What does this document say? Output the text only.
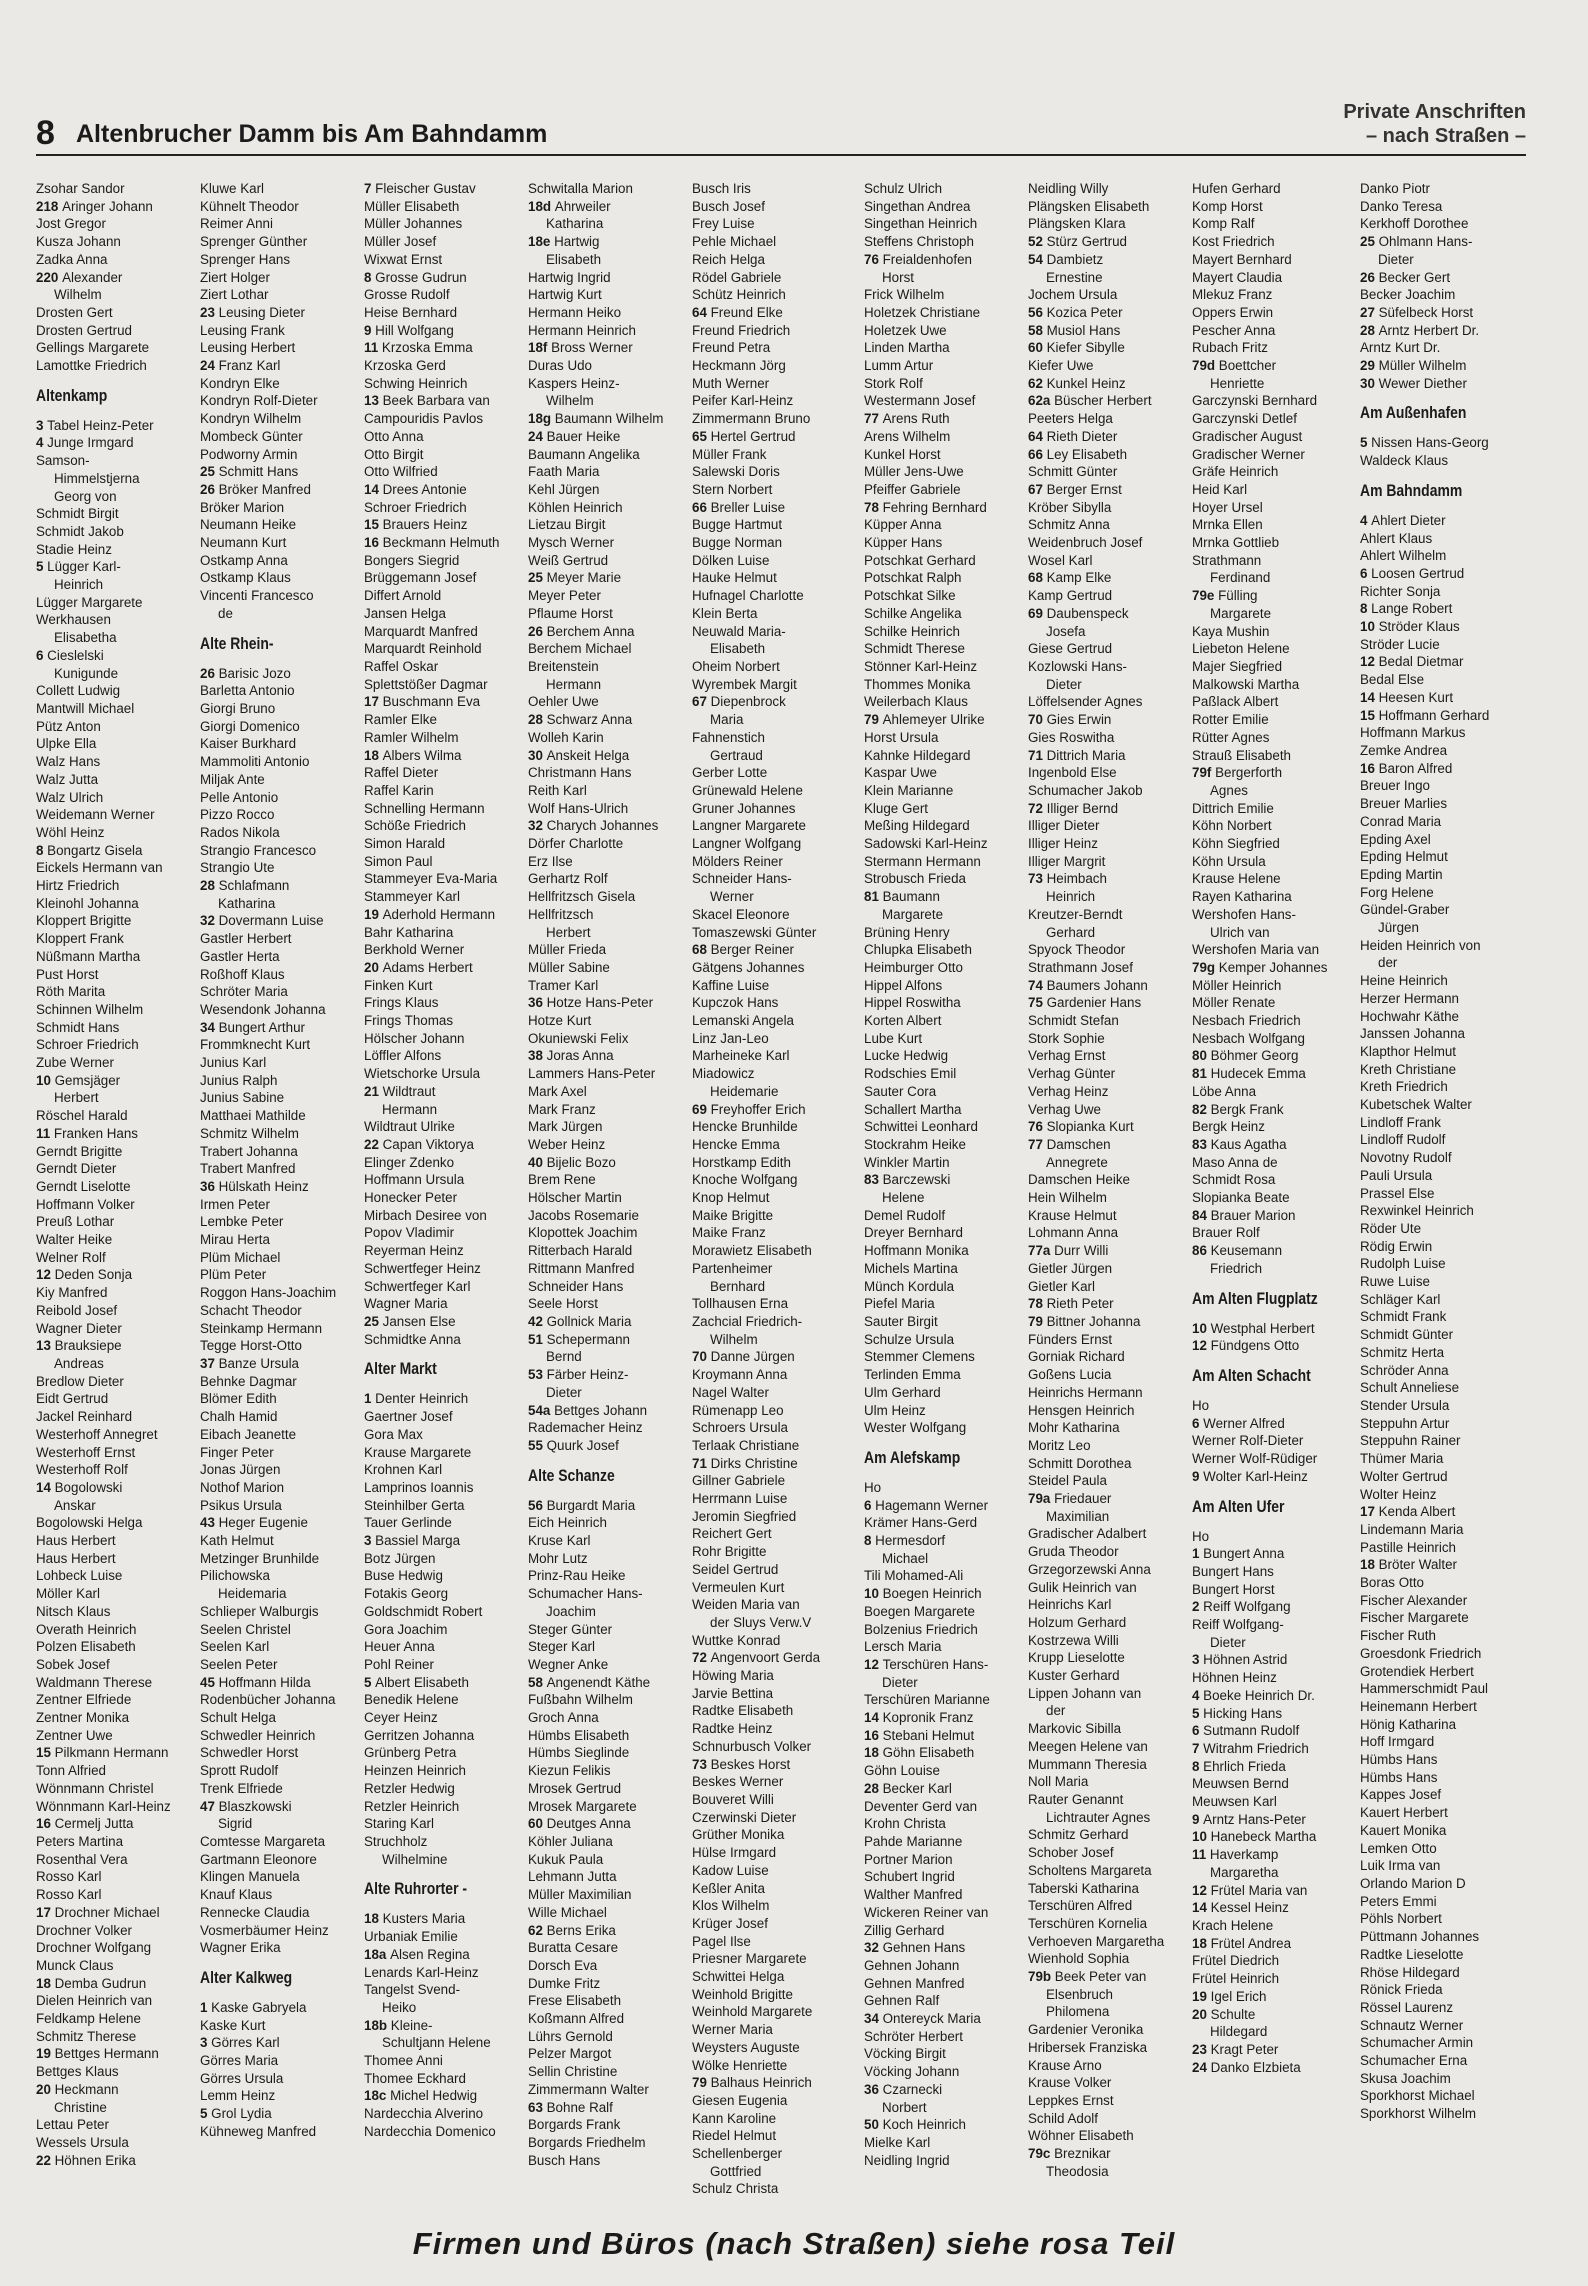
8 Altenbrucher Damm bis Am Bahndamm
Private Anschriften
– nach Straßen –
Zsohar Sandor
218 Aringer Johann
Jost Gregor
Kusza Johann
Zadka Anna
220 Alexander
Wilhelm
Drosten Gert
Drosten Gertrud
Gellings Margarete
Lamottke Friedrich
Altenkamp
3 Tabel Heinz-Peter
4 Junge Irmgard
Samson-
Himmelstjerna
Georg von
Schmidt Birgit
Schmidt Jakob
Stadie Heinz
5 Lügger Karl-
Heinrich
Lügger Margarete
Werkhausen
Elisabetha
6 Cieslelski
Kunigunde
Collett Ludwig
Mantwill Michael
Pütz Anton
Ulpke Ella
Walz Hans
Walz Jutta
Walz Ulrich
Weidemann Werner
Wöhl Heinz
8 Bongartz Gisela
Eickels Hermann van
Hirtz Friedrich
Kleinohl Johanna
Kloppert Brigitte
Kloppert Frank
Nüßmann Martha
Pust Horst
Röth Marita
Schinnen Wilhelm
Schmidt Hans
Schroer Friedrich
Zube Werner
10 Gemsjäger
Herbert
Röschel Harald
11 Franken Hans
Gerndt Brigitte
Gerndt Dieter
Gerndt Liselotte
Hoffmann Volker
Preuß Lothar
Walter Heike
Welner Rolf
12 Deden Sonja
Kiy Manfred
Reibold Josef
Wagner Dieter
13 Brauksiepe
Andreas
Bredlow Dieter
Eidt Gertrud
Jackel Reinhard
Westerhoff Annegret
Westerhoff Ernst
Westerhoff Rolf
14 Bogolowski
Anskar
Bogolowski Helga
Haus Herbert
Haus Herbert
Lohbeck Luise
Möller Karl
Nitsch Klaus
Overath Heinrich
Polzen Elisabeth
Sobek Josef
Waldmann Therese
Zentner Elfriede
Zentner Monika
Zentner Uwe
15 Pilkmann Hermann
Tonn Alfried
Wönnmann Christel
Wönnmann Karl-Heinz
16 Cermelj Jutta
Peters Martina
Rosenthal Vera
Rosso Karl
Rosso Karl
17 Drochner Michael
Drochner Volker
Drochner Wolfgang
Munck Claus
18 Demba Gudrun
Dielen Heinrich van
Feldkamp Helene
Schmitz Therese
19 Bettges Hermann
Bettges Klaus
20 Heckmann
Christine
Lettau Peter
Wessels Ursula
22 Höhnen Erika
Kluwe Karl
Kühnelt Theodor
Reimer Anni
Sprenger Günther
Sprenger Hans
Ziert Holger
Ziert Lothar
23 Leusing Dieter
Leusing Frank
Leusing Herbert
24 Franz Karl
Kondryn Elke
Kondryn Rolf-Dieter
Kondryn Wilhelm
Mombeck Günter
Podworny Armin
25 Schmitt Hans
26 Bröker Manfred
Bröker Marion
Neumann Heike
Neumann Kurt
Ostkamp Anna
Ostkamp Klaus
Vincenti Francesco
de
Alte Rhein-
26 Barisic Jozo
Barletta Antonio
Giorgi Bruno
Giorgi Domenico
Kaiser Burkhard
Mammoliti Antonio
Miljak Ante
Pelle Antonio
Pizzo Rocco
Rados Nikola
Strangio Francesco
Strangio Ute
28 Schlafmann
Katharina
32 Dovermann Luise
Gastler Herbert
Gastler Herta
Roßhoff Klaus
Schröter Maria
Wesendonk Johanna
34 Bungert Arthur
Frommknecht Kurt
Junius Karl
Junius Ralph
Junius Sabine
Matthaei Mathilde
Schmitz Wilhelm
Trabert Johanna
Trabert Manfred
36 Hülskath Heinz
Irmen Peter
Lembke Peter
Mirau Herta
Plüm Michael
Plüm Peter
Roggon Hans-Joachim
Schacht Theodor
Steinkamp Hermann
Tegge Horst-Otto
37 Banze Ursula
Behnke Dagmar
Blömer Edith
Chalh Hamid
Eibach Jeanette
Finger Peter
Jonas Jürgen
Nothof Marion
Psikus Ursula
43 Heger Eugenie
Kath Helmut
Metzinger Brunhilde
Pilichowska
Heidemaria
Schlieper Walburgis
Seelen Christel
Seelen Karl
Seelen Peter
45 Hoffmann Hilda
Rodenbücher Johanna
Schult Helga
Schwedler Heinrich
Schwedler Horst
Sprott Rudolf
Trenk Elfriede
47 Blaszkowski
Sigrid
Comtesse Margareta
Gartmann Eleonore
Klingen Manuela
Knauf Klaus
Rennecke Claudia
Vosmerbäumer Heinz
Wagner Erika
Alter Kalkweg
1 Kaske Gabryela
Kaske Kurt
3 Görres Karl
Görres Maria
Görres Ursula
Lemm Heinz
5 Grol Lydia
Kühneweg Manfred
7 Fleischer Gustav
Müller Elisabeth
Müller Johannes
Müller Josef
Wixwat Ernst
8 Grosse Gudrun
Grosse Rudolf
Heise Bernhard
9 Hill Wolfgang
11 Krzoska Emma
Krzoska Gerd
Schwing Heinrich
13 Beek Barbara van
Campouridis Pavlos
Otto Anna
Otto Birgit
Otto Wilfried
14 Drees Antonie
Schroer Friedrich
15 Brauers Heinz
16 Beckmann Helmuth
Bongers Siegrid
Brüggemann Josef
Differt Arnold
Jansen Helga
Marquardt Manfred
Marquardt Reinhold
Raffel Oskar
Splettstößer Dagmar
17 Buschmann Eva
Ramler Elke
Ramler Wilhelm
18 Albers Wilma
Raffel Dieter
Raffel Karin
Schnelling Hermann
Schöße Friedrich
Simon Harald
Simon Paul
Stammeyer Eva-Maria
Stammeyer Karl
19 Aderhold Hermann
Bahr Katharina
Berkhold Werner
20 Adams Herbert
Finken Kurt
Frings Klaus
Frings Thomas
Hölscher Johann
Löffler Alfons
Wietschorke Ursula
21 Wildtraut
Hermann
Wildtraut Ulrike
22 Capan Viktorya
Elinger Zdenko
Hoffmann Ursula
Honecker Peter
Mirbach Desiree von
Popov Vladimir
Reyerman Heinz
Schwertfeger Heinz
Schwertfeger Karl
Wagner Maria
25 Jansen Else
Schmidtke Anna
Alter Markt
1 Denter Heinrich
Gaertner Josef
Gora Max
Krause Margarete
Krohnen Karl
Lamprinos Ioannis
Steinhilber Gerta
Tauer Gerlinde
3 Bassiel Marga
Botz Jürgen
Buse Hedwig
Fotakis Georg
Goldschmidt Robert
Gora Joachim
Heuer Anna
Pohl Reiner
5 Albert Elisabeth
Benedik Helene
Ceyer Heinz
Gerritzen Johanna
Grünberg Petra
Heinzen Heinrich
Retzler Hedwig
Retzler Heinrich
Staring Karl
Struchholz
Wilhelmine
Alte Ruhrorter -
18 Kusters Maria
Urbaniak Emilie
18a Alsen Regina
Lenards Karl-Heinz
Tangelst Svend-
Heiko
18b Kleine-
Schultjann Helene
Thomee Anni
Thomee Eckhard
18c Michel Hedwig
Nardecchia Alverino
Nardecchia Domenico
Schwitalla Marion
18d Ahrweiler
Katharina
18e Hartwig
Elisabeth
Hartwig Ingrid
Hartwig Kurt
Hermann Heiko
Hermann Heinrich
18f Bross Werner
Duras Udo
Kaspers Heinz-
Wilhelm
18g Baumann Wilhelm
24 Bauer Heike
Baumann Angelika
Faath Maria
Kehl Jürgen
Köhlen Heinrich
Lietzau Birgit
Mysch Werner
Weiß Gertrud
25 Meyer Marie
Meyer Peter
Pflaume Horst
26 Berchem Anna
Berchem Michael
Breitenstein
Hermann
Oehler Uwe
28 Schwarz Anna
Wolleh Karin
30 Anskeit Helga
Christmann Hans
Reith Karl
Wolf Hans-Ulrich
32 Charych Johannes
Dörfer Charlotte
Erz Ilse
Gerhartz Rolf
Hellfritzsch Gisela
Hellfritzsch
Herbert
Müller Frieda
Müller Sabine
Tramer Karl
36 Hotze Hans-Peter
Hotze Kurt
Okuniewski Felix
38 Joras Anna
Lammers Hans-Peter
Mark Axel
Mark Franz
Mark Jürgen
Weber Heinz
40 Bijelic Bozo
Brem Rene
Hölscher Martin
Jacobs Rosemarie
Klopottek Joachim
Ritterbach Harald
Rittmann Manfred
Schneider Hans
Seele Horst
42 Gollnick Maria
51 Schepermann
Bernd
53 Färber Heinz-
Dieter
54a Bettges Johann
Rademacher Heinz
55 Quurk Josef
Alte Schanze
56 Burgardt Maria
Eich Heinrich
Kruse Karl
Mohr Lutz
Prinz-Rau Heike
Schumacher Hans-
Joachim
Steger Günter
Steger Karl
Wegner Anke
58 Angenendt Käthe
Fußbahn Wilhelm
Groch Anna
Hümbs Elisabeth
Hümbs Sieglinde
Kiezun Felikis
Mrosek Gertrud
Mrosek Margarete
60 Deutges Anna
Köhler Juliana
Kukuk Paula
Lehmann Jutta
Müller Maximilian
Wille Michael
62 Berns Erika
Buratta Cesare
Dorsch Eva
Dumke Fritz
Frese Elisabeth
Koßmann Alfred
Lührs Gernold
Pelzer Margot
Sellin Christine
Zimmermann Walter
63 Bohne Ralf
Borgards Frank
Borgards Friedhelm
Busch Hans
Busch Iris
Busch Josef
Frey Luise
Pehle Michael
Reich Helga
Rödel Gabriele
Schütz Heinrich
64 Freund Elke
Freund Friedrich
Freund Petra
Heckmann Jörg
Muth Werner
Peifer Karl-Heinz
Zimmermann Bruno
65 Hertel Gertrud
Müller Frank
Salewski Doris
Stern Norbert
66 Breller Luise
Bugge Hartmut
Bugge Norman
Dölken Luise
Hauke Helmut
Hufnagel Charlotte
Klein Berta
Neuwald Maria-
Elisabeth
Oheim Norbert
Wyrembek Margit
67 Diepenbrock
Maria
Fahnenstich
Gertraud
Gerber Lotte
Grünewald Helene
Gruner Johannes
Langner Margarete
Langner Wolfgang
Mölders Reiner
Schneider Hans-
Werner
Skacel Eleonore
Tomaszewski Günter
68 Berger Reiner
Gätgens Johannes
Kaffine Luise
Kupczok Hans
Lemanski Angela
Linz Jan-Leo
Marheineke Karl
Miadowicz
Heidemarie
69 Freyhoffer Erich
Hencke Brunhilde
Hencke Emma
Horstkamp Edith
Knoche Wolfgang
Knop Helmut
Maike Brigitte
Maike Franz
Morawietz Elisabeth
Partenheimer
Bernhard
Tollhausen Erna
Zachcial Friedrich-
Wilhelm
70 Danne Jürgen
Kroymann Anna
Nagel Walter
Rümenapp Leo
Schroers Ursula
Terlaak Christiane
71 Dirks Christine
Gillner Gabriele
Herrmann Luise
Jeromin Siegfried
Reichert Gert
Rohr Brigitte
Seidel Gertrud
Vermeulen Kurt
Weiden Maria van
der Sluys Verw.V
Wuttke Konrad
72 Angenvoort Gerda
Höwing Maria
Jarvie Bettina
Radtke Elisabeth
Radtke Heinz
Schnurbusch Volker
73 Beskes Horst
Beskes Werner
Bouveret Willi
Czerwinski Dieter
Grüther Monika
Hülse Irmgard
Kadow Luise
Keßler Anita
Klos Wilhelm
Krüger Josef
Pagel Ilse
Priesner Margarete
Schwittei Helga
Weinhold Brigitte
Weinhold Margarete
Werner Maria
Weysters Auguste
Wölke Henriette
79 Balhaus Heinrich
Giesen Eugenia
Kann Karoline
Riedel Helmut
Schellenberger
Gottfried
Schulz Christa
Schulz Ulrich
Singethan Andrea
Singethan Heinrich
Steffens Christoph
76 Freialdenhofen
Horst
Frick Wilhelm
Holetzek Christiane
Holetzek Uwe
Linden Martha
Lumm Artur
Stork Rolf
Westermann Josef
77 Arens Ruth
Arens Wilhelm
Kunkel Horst
Müller Jens-Uwe
Pfeiffer Gabriele
78 Fehring Bernhard
Küpper Anna
Küpper Hans
Potschkat Gerhard
Potschkat Ralph
Potschkat Silke
Schilke Angelika
Schilke Heinrich
Schmidt Therese
Stönner Karl-Heinz
Thommes Monika
Weilerbach Klaus
79 Ahlemeyer Ulrike
Horst Ursula
Kahnke Hildegard
Kaspar Uwe
Klein Marianne
Kluge Gert
Meßing Hildegard
Sadowski Karl-Heinz
Stermann Hermann
Strobusch Frieda
81 Baumann
Margarete
Brüning Henry
Chlupka Elisabeth
Heimburger Otto
Hippel Alfons
Hippel Roswitha
Korten Albert
Lube Kurt
Lucke Hedwig
Rodschies Emil
Sauter Cora
Schallert Martha
Schwittei Leonhard
Stockrahm Heike
Winkler Martin
83 Barczewski
Helene
Demel Rudolf
Dreyer Bernhard
Hoffmann Monika
Michels Martina
Münch Kordula
Piefel Maria
Sauter Birgit
Schulze Ursula
Stemmer Clemens
Terlinden Emma
Ulm Gerhard
Ulm Heinz
Wester Wolfgang
Am Alefskamp
Ho
6 Hagemann Werner
Krämer Hans-Gerd
8 Hermesdorf
Michael
Tili Mohamed-Ali
10 Boegen Heinrich
Boegen Margarete
Bolzenius Friedrich
Lersch Maria
12 Terschüren Hans-
Dieter
Terschüren Marianne
14 Kopronik Franz
16 Stebani Helmut
18 Göhn Elisabeth
Göhn Louise
28 Becker Karl
Deventer Gerd van
Krohn Christa
Pahde Marianne
Portner Marion
Schubert Ingrid
Walther Manfred
Wickeren Reiner van
Zillig Gerhard
32 Gehnen Hans
Gehnen Johann
Gehnen Manfred
Gehnen Ralf
34 Ontereyck Maria
Schröter Herbert
Vöcking Birgit
Vöcking Johann
36 Czarnecki
Norbert
50 Koch Heinrich
Mielke Karl
Neidling Ingrid
Neidling Willy
Plängsken Elisabeth
Plängsken Klara
52 Stürz Gertrud
54 Dambietz
Ernestine
Jochem Ursula
56 Kozica Peter
58 Musiol Hans
60 Kiefer Sibylle
Kiefer Uwe
62 Kunkel Heinz
62a Büscher Herbert
Peeters Helga
64 Rieth Dieter
66 Ley Elisabeth
Schmitt Günter
67 Berger Ernst
Kröber Sibylla
Schmitz Anna
Weidenbruch Josef
Wosel Karl
68 Kamp Elke
Kamp Gertrud
69 Daubenspeck
Josefa
Giese Gertrud
Kozlowski Hans-
Dieter
Löffelsender Agnes
70 Gies Erwin
Gies Roswitha
71 Dittrich Maria
Ingenbold Else
Schumacher Jakob
72 Illiger Bernd
Illiger Dieter
Illiger Heinz
Illiger Margrit
73 Heimbach
Heinrich
Kreutzer-Berndt
Gerhard
Spyock Theodor
Strathmann Josef
74 Baumers Johann
75 Gardenier Hans
Schmidt Stefan
Stork Sophie
Verhag Ernst
Verhag Günter
Verhag Heinz
Verhag Uwe
76 Slopianka Kurt
77 Damschen
Annegrete
Damschen Heike
Hein Wilhelm
Krause Helmut
Lohmann Anna
77a Durr Willi
Gietler Jürgen
Gietler Karl
78 Rieth Peter
79 Bittner Johanna
Fünders Ernst
Gorniak Richard
Goßens Lucia
Heinrichs Hermann
Hensgen Heinrich
Mohr Katharina
Moritz Leo
Schmitt Dorothea
Steidel Paula
79a Friedauer
Maximilian
Gradischer Adalbert
Gruda Theodor
Grzegorzewski Anna
Gulik Heinrich van
Heinrichs Karl
Holzum Gerhard
Kostrzewa Willi
Krupp Lieselotte
Kuster Gerhard
Lippen Johann van
der
Markovic Sibilla
Meegen Helene van
Mummann Theresia
Noll Maria
Rauter Genannt
Lichtrauter Agnes
Schmitz Gerhard
Schober Josef
Scholtens Margareta
Taberski Katharina
Terschüren Alfred
Terschüren Kornelia
Verhoeven Margaretha
Wienhold Sophia
79b Beek Peter van
Elsenbruch
Philomena
Gardenier Veronika
Hribersek Franziska
Krause Arno
Krause Volker
Leppkes Ernst
Schild Adolf
Wöhner Elisabeth
79c Breznikar
Theodosia
Hufen Gerhard
Komp Horst
Komp Ralf
Kost Friedrich
Mayert Bernhard
Mayert Claudia
Mlekuz Franz
Oppers Erwin
Pescher Anna
Rubach Fritz
79d Boettcher
Henriette
Garczynski Bernhard
Garczynski Detlef
Gradischer August
Gradischer Werner
Gräfe Heinrich
Heid Karl
Hoyer Ursel
Mrnka Ellen
Mrnka Gottlieb
Strathmann
Ferdinand
79e Fülling
Margarete
Kaya Mushin
Liebeton Helene
Majer Siegfried
Malkowski Martha
Paßlack Albert
Rotter Emilie
Rütter Agnes
Strauß Elisabeth
79f Bergerforth
Agnes
Dittrich Emilie
Köhn Norbert
Köhn Siegfried
Köhn Ursula
Krause Helene
Rayen Katharina
Wershofen Hans-
Ulrich van
Wershofen Maria van
79g Kemper Johannes
Möller Heinrich
Möller Renate
Nesbach Friedrich
Nesbach Wolfgang
80 Böhmer Georg
81 Hudecek Emma
Löbe Anna
82 Bergk Frank
Bergk Heinz
83 Kaus Agatha
Maso Anna de
Schmidt Rosa
Slopianka Beate
84 Brauer Marion
Brauer Rolf
86 Keusemann
Friedrich
Am Alten Flugplatz
10 Westphal Herbert
12 Fündgens Otto
Am Alten Schacht
Ho
6 Werner Alfred
Werner Rolf-Dieter
Werner Wolf-Rüdiger
9 Wolter Karl-Heinz
Am Alten Ufer
Ho
1 Bungert Anna
Bungert Hans
Bungert Horst
2 Reiff Wolfgang
Reiff Wolfgang-
Dieter
3 Höhnen Astrid
Höhnen Heinz
4 Boeke Heinrich Dr.
5 Hicking Hans
6 Sutmann Rudolf
7 Witrahm Friedrich
8 Ehrlich Frieda
Meuwsen Bernd
Meuwsen Karl
9 Arntz Hans-Peter
10 Hanebeck Martha
11 Haverkamp
Margaretha
12 Frütel Maria van
14 Kessel Heinz
Krach Helene
18 Frütel Andrea
Frütel Diedrich
Frütel Heinrich
19 Igel Erich
20 Schulte
Hildegard
23 Kragt Peter
24 Danko Elzbieta
Danko Piotr
Danko Teresa
Kerkhoff Dorothee
25 Ohlmann Hans-
Dieter
26 Becker Gert
Becker Joachim
27 Süfelbeck Horst
28 Arntz Herbert Dr.
Arntz Kurt Dr.
29 Müller Wilhelm
30 Wewer Diether
Am Außenhafen
5 Nissen Hans-Georg
Waldeck Klaus
Am Bahndamm
4 Ahlert Dieter
Ahlert Klaus
Ahlert Wilhelm
6 Loosen Gertrud
Richter Sonja
8 Lange Robert
10 Ströder Klaus
Ströder Lucie
12 Bedal Dietmar
Bedal Else
14 Heesen Kurt
15 Hoffmann Gerhard
Hoffmann Markus
Zemke Andrea
16 Baron Alfred
Breuer Ingo
Breuer Marlies
Conrad Maria
Epding Axel
Epding Helmut
Epding Martin
Forg Helene
Gündel-Graber
Jürgen
Heiden Heinrich von
der
Heine Heinrich
Herzer Hermann
Hochwahr Käthe
Janssen Johanna
Klapthor Helmut
Kreth Christiane
Kreth Friedrich
Kubetschek Walter
Lindloff Frank
Lindloff Rudolf
Novotny Rudolf
Pauli Ursula
Prassel Else
Rexwinkel Heinrich
Röder Ute
Rödig Erwin
Rudolph Luise
Ruwe Luise
Schläger Karl
Schmidt Frank
Schmidt Günter
Schmitz Herta
Schröder Anna
Schult Anneliese
Stender Ursula
Steppuhn Artur
Steppuhn Rainer
Thümer Maria
Wolter Gertrud
Wolter Heinz
17 Kenda Albert
Lindemann Maria
Pastille Heinrich
18 Bröter Walter
Boras Otto
Fischer Alexander
Fischer Margarete
Fischer Ruth
Groesdonk Friedrich
Grotendiek Herbert
Hammerschmidt Paul
Heinemann Herbert
Hönig Katharina
Hoff Irmgard
Hümbs Hans
Hümbs Hans
Kappes Josef
Kauert Herbert
Kauert Monika
Lemken Otto
Luik Irma van
Orlando Marion D
Peters Emmi
Pöhls Norbert
Püttmann Johannes
Radtke Lieselotte
Rhöse Hildegard
Rönick Frieda
Rössel Laurenz
Schnautz Werner
Schumacher Armin
Schumacher Erna
Skusa Joachim
Sporkhorst Michael
Sporkhorst Wilhelm
Firmen und Büros (nach Straßen) siehe rosa Teil
